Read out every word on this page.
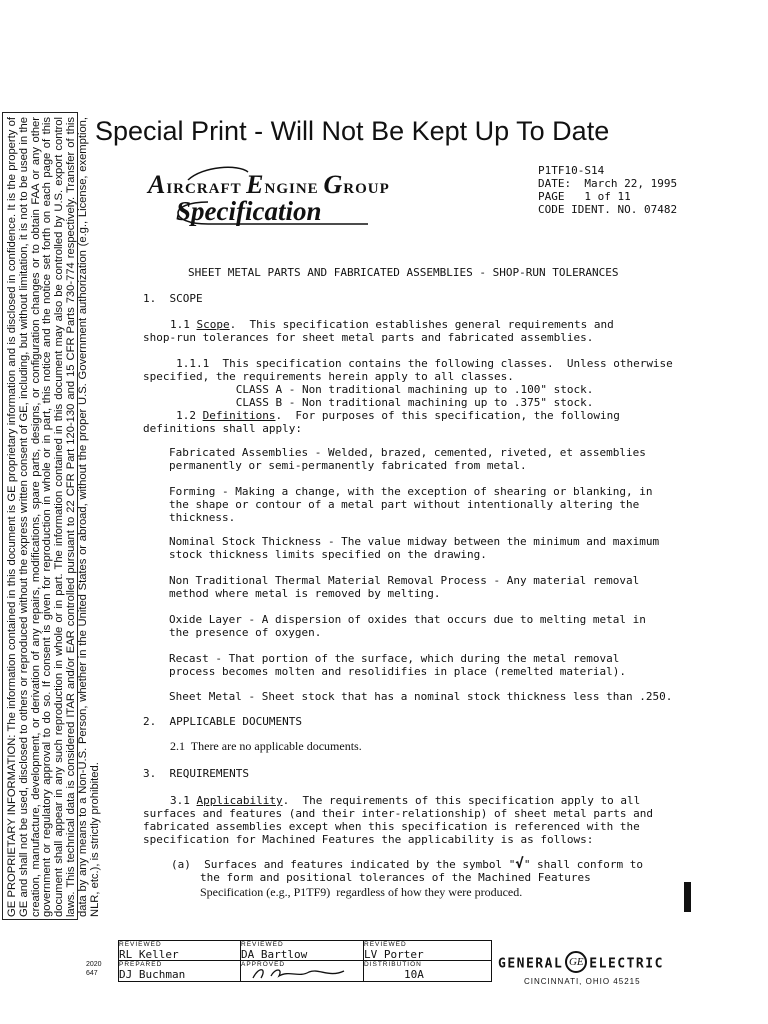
GE PROPRIETARY INFORMATION: The information contained in this document is GE proprietary information and is disclosed in confidence. It is the property of GE and shall not be used, disclosed to others or reproduced without the express written consent of GE, including, but without limitation, it is not to be used in the creation, manufacture, development, or derivation of any repairs, modifications, spare parts, designs, or configuration changes or to obtain FAA or any other government or regulatory approval to do so. If consent is given for reproduction in whole or in part, this notice and the notice set forth on each page of this document shall appear in any such reproduction in whole or in part. The information contained in this document may also be controlled by U.S. export control laws. This technical data is considered ITAR and/or EAR controlled pursuant to 22 CFR Part 120-130 and 15 CFR Parts 730-774 respectively. Transfer of this data by any means to a Non-U.S. Person, whether in the United States or abroad, without the proper U.S. Government authorization (e.g., License, exemption, NLR, etc.), is strictly prohibited.
Special Print - Will Not Be Kept Up To Date
AIRCRAFT ENGINE GROUP
Specification
P1TF10-S14
DATE:  March 22, 1995
PAGE   1 of 11
CODE IDENT. NO. 07482
SHEET METAL PARTS AND FABRICATED ASSEMBLIES - SHOP-RUN TOLERANCES
1.  SCOPE
1.1 Scope.  This specification establishes general requirements and
shop-run tolerances for sheet metal parts and fabricated assemblies.
1.1.1  This specification contains the following classes.  Unless otherwise
specified, the requirements herein apply to all classes.
CLASS A - Non traditional machining up to .100" stock.
CLASS B - Non traditional machining up to .375" stock.
1.2 Definitions.  For purposes of this specification, the following
definitions shall apply:
Fabricated Assemblies - Welded, brazed, cemented, riveted, et assemblies
permanently or semi-permanently fabricated from metal.
Forming - Making a change, with the exception of shearing or blanking, in
the shape or contour of a metal part without intentionally altering the
thickness.
Nominal Stock Thickness - The value midway between the minimum and maximum
stock thickness limits specified on the drawing.
Non Traditional Thermal Material Removal Process - Any material removal
method where metal is removed by melting.
Oxide Layer - A dispersion of oxides that occurs due to melting metal in
the presence of oxygen.
Recast - That portion of the surface, which during the metal removal
process becomes molten and resolidifies in place (remelted material).
Sheet Metal - Sheet stock that has a nominal stock thickness less than .250.
2.  APPLICABLE DOCUMENTS
2.1  There are no applicable documents.
3.  REQUIREMENTS
3.1 Applicability.  The requirements of this specification apply to all
surfaces and features (and their inter-relationship) of sheet metal parts and
fabricated assemblies except when this specification is referenced with the
specification for Machined Features the applicability is as follows:
(a)  Surfaces and features indicated by the symbol "√" shall conform to
the form and positional tolerances of the Machined Features
Specification (e.g., P1TF9)  regardless of how they were produced.
2020
647
REVIEWED
RL Keller
REVIEWED
DA Bartlow
REVIEWED
LV Porter
PREPARED
DJ Buchman
APPROVED	DISTRIBUTION
10A
GENERAL GE ELECTRIC
CINCINNATI, OHIO 45215
